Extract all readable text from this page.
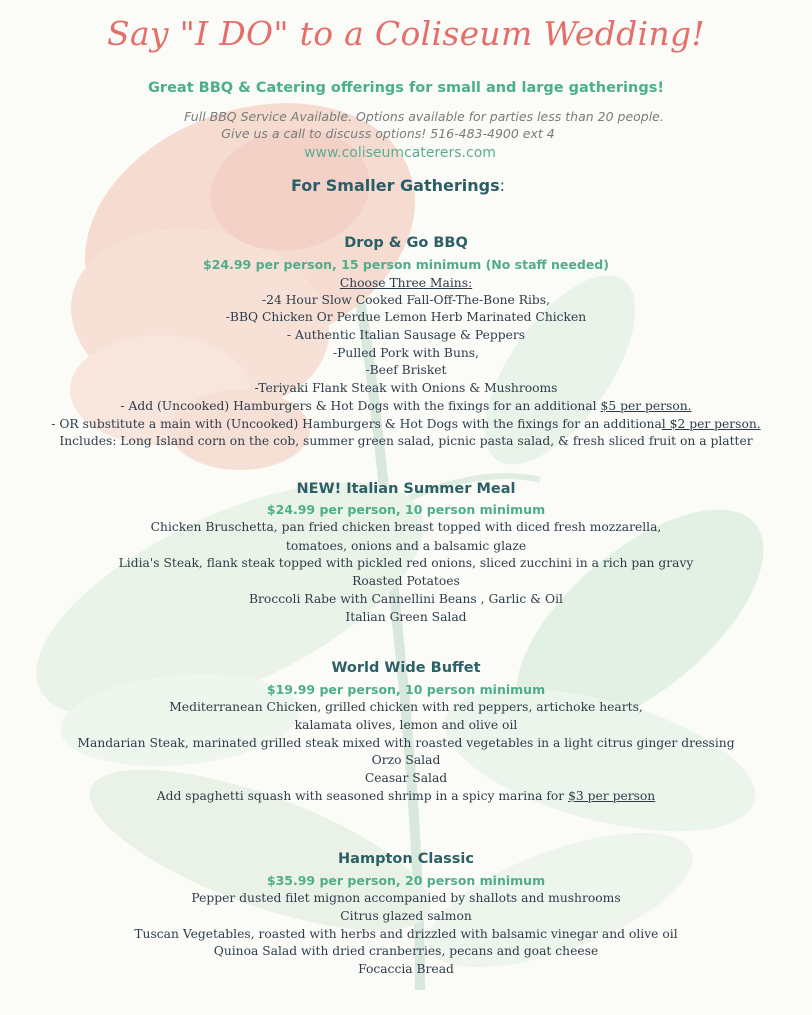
Say "I DO" to a Coliseum Wedding!
Great BBQ & Catering offerings for small and large gatherings!
Full BBQ Service Available. Options available for parties less than 20 people.
Give us a call to discuss options! 516-483-4900 ext 4
www.coliseumcaterers.com
For Smaller Gatherings:
Drop & Go BBQ
$24.99 per person, 15 person minimum (No staff needed)
Choose Three Mains:
-24 Hour Slow Cooked Fall-Off-The-Bone Ribs,
-BBQ Chicken Or Perdue Lemon Herb Marinated Chicken
- Authentic Italian Sausage & Peppers
-Pulled Pork with Buns,
-Beef Brisket
-Teriyaki Flank Steak with Onions & Mushrooms
- Add (Uncooked) Hamburgers & Hot Dogs with the fixings for an additional $5 per person.
- OR substitute a main with (Uncooked) Hamburgers & Hot Dogs with the fixings for an additional $2 per person.
Includes: Long Island corn on the cob, summer green salad, picnic pasta salad, & fresh sliced fruit on a platter
NEW! Italian Summer Meal
$24.99 per person, 10 person minimum
Chicken Bruschetta, pan fried chicken breast topped with diced fresh mozzarella,
tomatoes, onions and a balsamic glaze
Lidia's Steak, flank steak topped with pickled red onions, sliced zucchini in a rich pan gravy
Roasted Potatoes
Broccoli Rabe with Cannellini Beans , Garlic & Oil
Italian Green Salad
World Wide Buffet
$19.99 per person, 10 person minimum
Mediterranean Chicken, grilled chicken with red peppers, artichoke hearts,
kalamata olives, lemon and olive oil
Mandarian Steak, marinated grilled steak mixed with roasted vegetables in a light citrus ginger dressing
Orzo Salad
Ceasar Salad
Add spaghetti squash with seasoned shrimp in a spicy marina for $3 per person
Hampton Classic
$35.99 per person, 20 person minimum
Pepper dusted filet mignon accompanied by shallots and mushrooms
Citrus glazed salmon
Tuscan Vegetables, roasted with herbs and drizzled with balsamic vinegar and olive oil
Quinoa Salad with dried cranberries, pecans and goat cheese
Focaccia Bread
